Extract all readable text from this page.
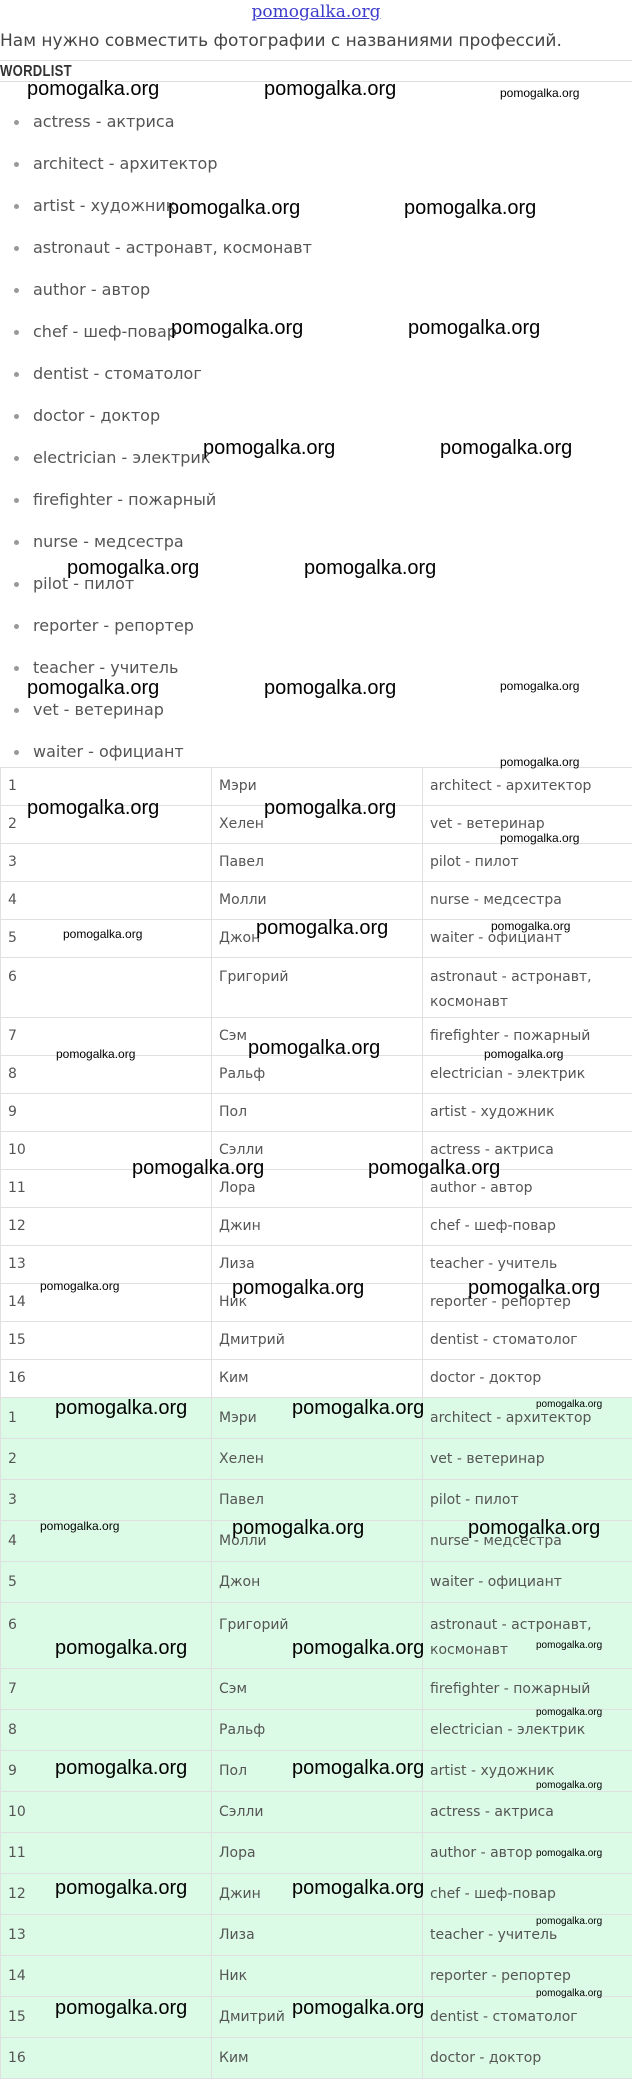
pomogalka.org
Нам нужно совместить фотографии с названиями профессий.
WORDLIST
actress - актриса
architect - архитектор
artist - художник
astronaut - астронавт, космонавт
author - автор
chef - шеф-повар
dentist - стоматолог
doctor - доктор
electrician - электрик
firefighter - пожарный
nurse - медсестра
pilot - пилот
reporter - репортер
teacher - учитель
vet - ветеринар
waiter - официант
1	Мэри	architect - архитектор
2	Хелен	vet - ветеринар
3	Павел	pilot - пилот
4	Молли	nurse - медсестра
5	Джон	waiter - официант
6	Григорий	astronaut - астронавт, космонавт
7	Сэм	firefighter - пожарный
8	Ральф	electrician - электрик
9	Пол	artist - художник
10	Сэлли	actress - актриса
11	Лора	author - автор
12	Джин	chef - шеф-повар
13	Лиза	teacher - учитель
14	Ник	reporter - репортер
15	Дмитрий	dentist - стоматолог
16	Ким	doctor - доктор
1	Мэри	architect - архитектор
2	Хелен	vet - ветеринар
3	Павел	pilot - пилот
4	Молли	nurse - медсестра
5	Джон	waiter - официант
6	Григорий	astronaut - астронавт, космонавт
7	Сэм	firefighter - пожарный
8	Ральф	electrician - электрик
9	Пол	artist - художник
10	Сэлли	actress - актриса
11	Лора	author - автор
12	Джин	chef - шеф-повар
13	Лиза	teacher - учитель
14	Ник	reporter - репортер
15	Дмитрий	dentist - стоматолог
16	Ким	doctor - доктор
pomogalka.org	pomogalka.org	pomogalka.org
pomogalka.org	pomogalka.org
pomogalka.org	pomogalka.org
pomogalka.org	pomogalka.org
pomogalka.org	pomogalka.org
pomogalka.org	pomogalka.org	pomogalka.org
pomogalka.org
pomogalka.org	pomogalka.org
pomogalka.org
pomogalka.org	pomogalka.org	pomogalka.org
pomogalka.org	pomogalka.org	pomogalka.org
pomogalka.org	pomogalka.org
pomogalka.org	pomogalka.org	pomogalka.org
pomogalka.org	pomogalka.org	pomogalka.org
pomogalka.org	pomogalka.org	pomogalka.org
pomogalka.org	pomogalka.org	pomogalka.org
pomogalka.org
pomogalka.org	pomogalka.org
pomogalka.org
pomogalka.org
pomogalka.org	pomogalka.org
pomogalka.org
pomogalka.org
pomogalka.org	pomogalka.org
